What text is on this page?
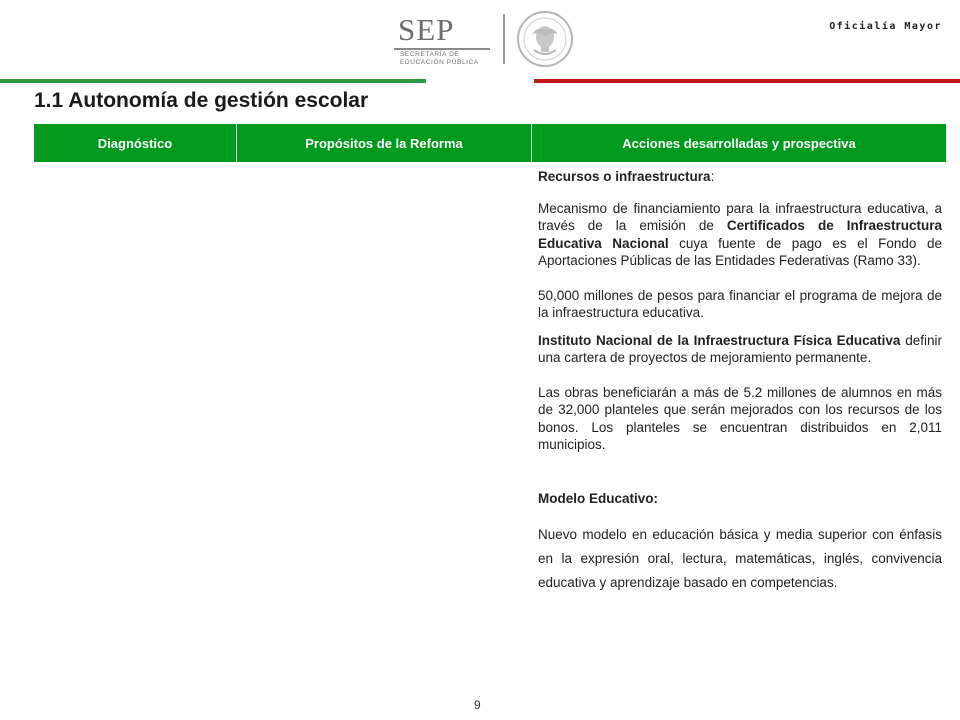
SEP
SECRETARÍA DE
EDUCACIÓN PÚBLICA
Oficialía Mayor
1.1 Autonomía de gestión escolar
Diagnóstico	Propósitos de la Reforma	Acciones desarrolladas y prospectiva

Recursos o infraestructura:

Mecanismo de financiamiento para la infraestructura educativa, a través de la emisión de Certificados de Infraestructura Educativa Nacional cuya fuente de pago es el Fondo de Aportaciones Públicas de las Entidades Federativas (Ramo 33).

50,000 millones de pesos para financiar el programa de mejora de la infraestructura educativa.

Instituto Nacional de la Infraestructura Física Educativa definir una cartera de proyectos de mejoramiento permanente.

Las obras beneficiarán a más de 5.2 millones de alumnos en más de 32,000 planteles que serán mejorados con los recursos de los bonos. Los planteles se encuentran distribuidos en 2,011 municipios.

Modelo Educativo:

Nuevo modelo en educación básica y media superior con énfasis en la expresión oral, lectura, matemáticas, inglés, convivencia educativa y aprendizaje basado en competencias.

9
